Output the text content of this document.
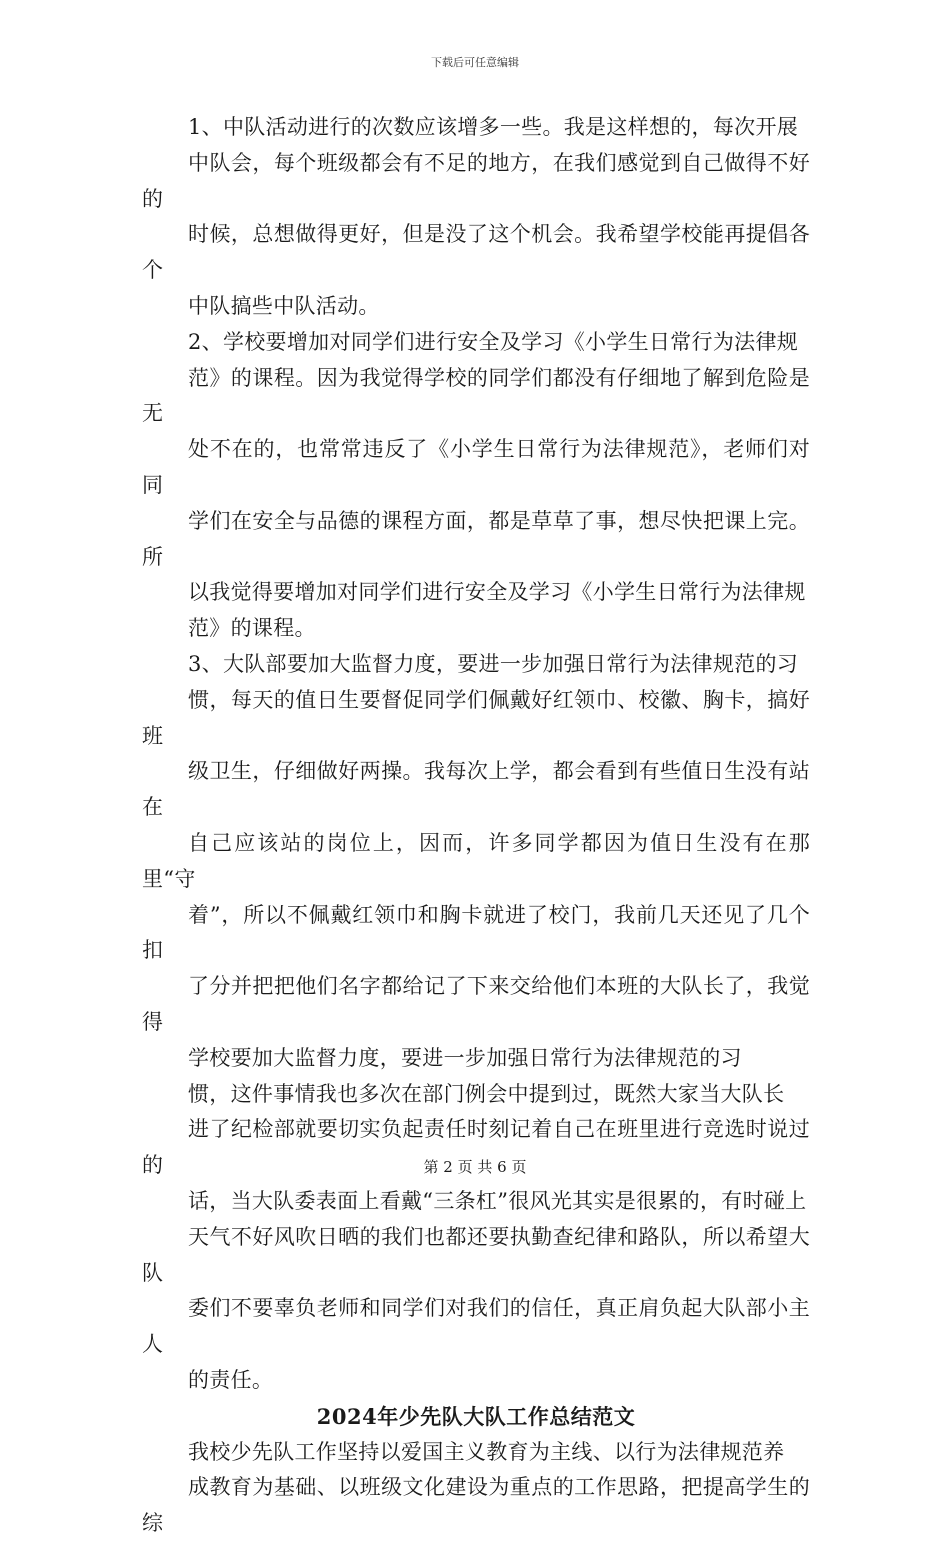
下载后可任意编辑

1、中队活动进行的次数应该增多一些。我是这样想的，每次开展
中队会，每个班级都会有不足的地方，在我们感觉到自己做得不好的
时候，总想做得更好，但是没了这个机会。我希望学校能再提倡各个
中队搞些中队活动。

2、学校要增加对同学们进行安全及学习《小学生日常行为法律规
范》的课程。因为我觉得学校的同学们都没有仔细地了解到危险是无
处不在的，也常常违反了《小学生日常行为法律规范》，老师们对同
学们在安全与品德的课程方面，都是草草了事，想尽快把课上完。所
以我觉得要增加对同学们进行安全及学习《小学生日常行为法律规
范》的课程。

3、大队部要加大监督力度，要进一步加强日常行为法律规范的习
惯，每天的值日生要督促同学们佩戴好红领巾、校徽、胸卡，搞好班
级卫生，仔细做好两操。我每次上学，都会看到有些值日生没有站在
自己应该站的岗位上，因而，许多同学都因为值日生没有在那里“守
着”，所以不佩戴红领巾和胸卡就进了校门，我前几天还见了几个扣
了分并把把他们名字都给记了下来交给他们本班的大队长了，我觉得
学校要加大监督力度，要进一步加强日常行为法律规范的习

惯，这件事情我也多次在部门例会中提到过，既然大家当大队长
进了纪检部就要切实负起责任时刻记着自己在班里进行竞选时说过的
话，当大队委表面上看戴“三条杠”很风光其实是很累的，有时碰上
天气不好风吹日晒的我们也都还要执勤查纪律和路队，所以希望大队
委们不要辜负老师和同学们对我们的信任，真正肩负起大队部小主人
的责任。

2024年少先队大队工作总结范文

我校少先队工作坚持以爱国主义教育为主线、以行为法律规范养
成教育为基础、以班级文化建设为重点的工作思路，把提高学生的综

第 2 页 共 6 页
